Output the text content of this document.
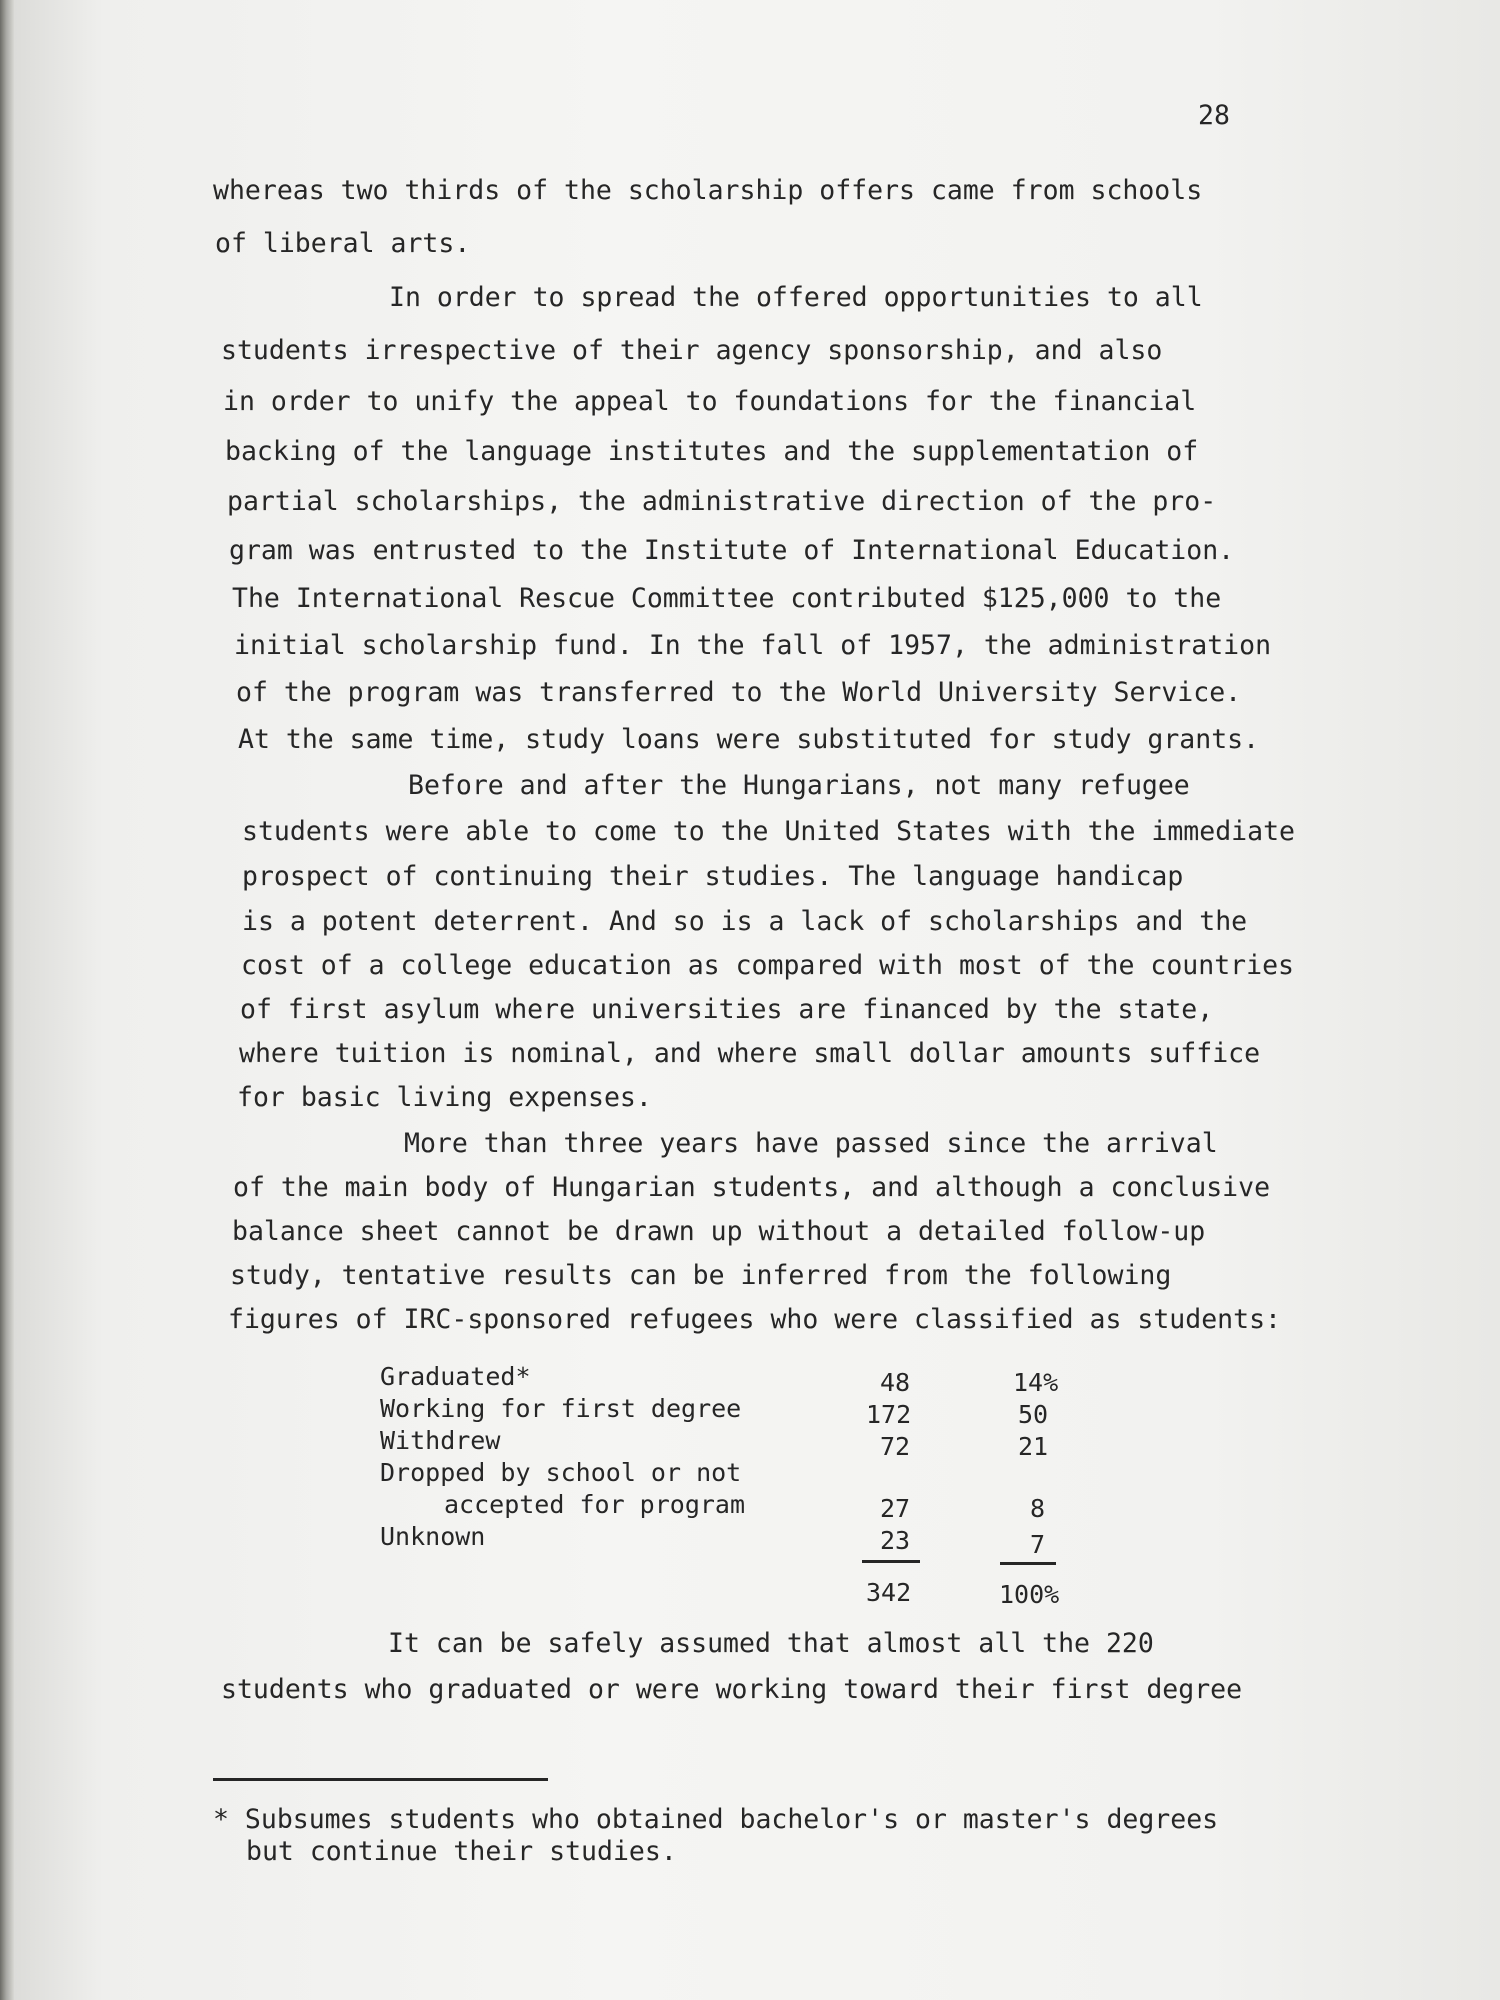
28
whereas two thirds of the scholarship offers came from schools
of liberal arts.
In order to spread the offered opportunities to all
students irrespective of their agency sponsorship, and also
in order to unify the appeal to foundations for the financial
backing of the language institutes and the supplementation of
partial scholarships, the administrative direction of the pro-
gram was entrusted to the Institute of International Education.
The International Rescue Committee contributed $125,000 to the
initial scholarship fund. In the fall of 1957, the administration
of the program was transferred to the World University Service.
At the same time, study loans were substituted for study grants.
Before and after the Hungarians, not many refugee
students were able to come to the United States with the immediate
prospect of continuing their studies. The language handicap
is a potent deterrent. And so is a lack of scholarships and the
cost of a college education as compared with most of the countries
of first asylum where universities are financed by the state,
where tuition is nominal, and where small dollar amounts suffice
for basic living expenses.
More than three years have passed since the arrival
of the main body of Hungarian students, and although a conclusive
balance sheet cannot be drawn up without a detailed follow-up
study, tentative results can be inferred from the following
figures of IRC-sponsored refugees who were classified as students:
Graduated*	48	14%
Working for first degree	172	50
Withdrew	72	21
Dropped by school or not
accepted for program	27	8
Unknown	23	7
342	100%
It can be safely assumed that almost all the 220
students who graduated or were working toward their first degree
* Subsumes students who obtained bachelor's or master's degrees
but continue their studies.
